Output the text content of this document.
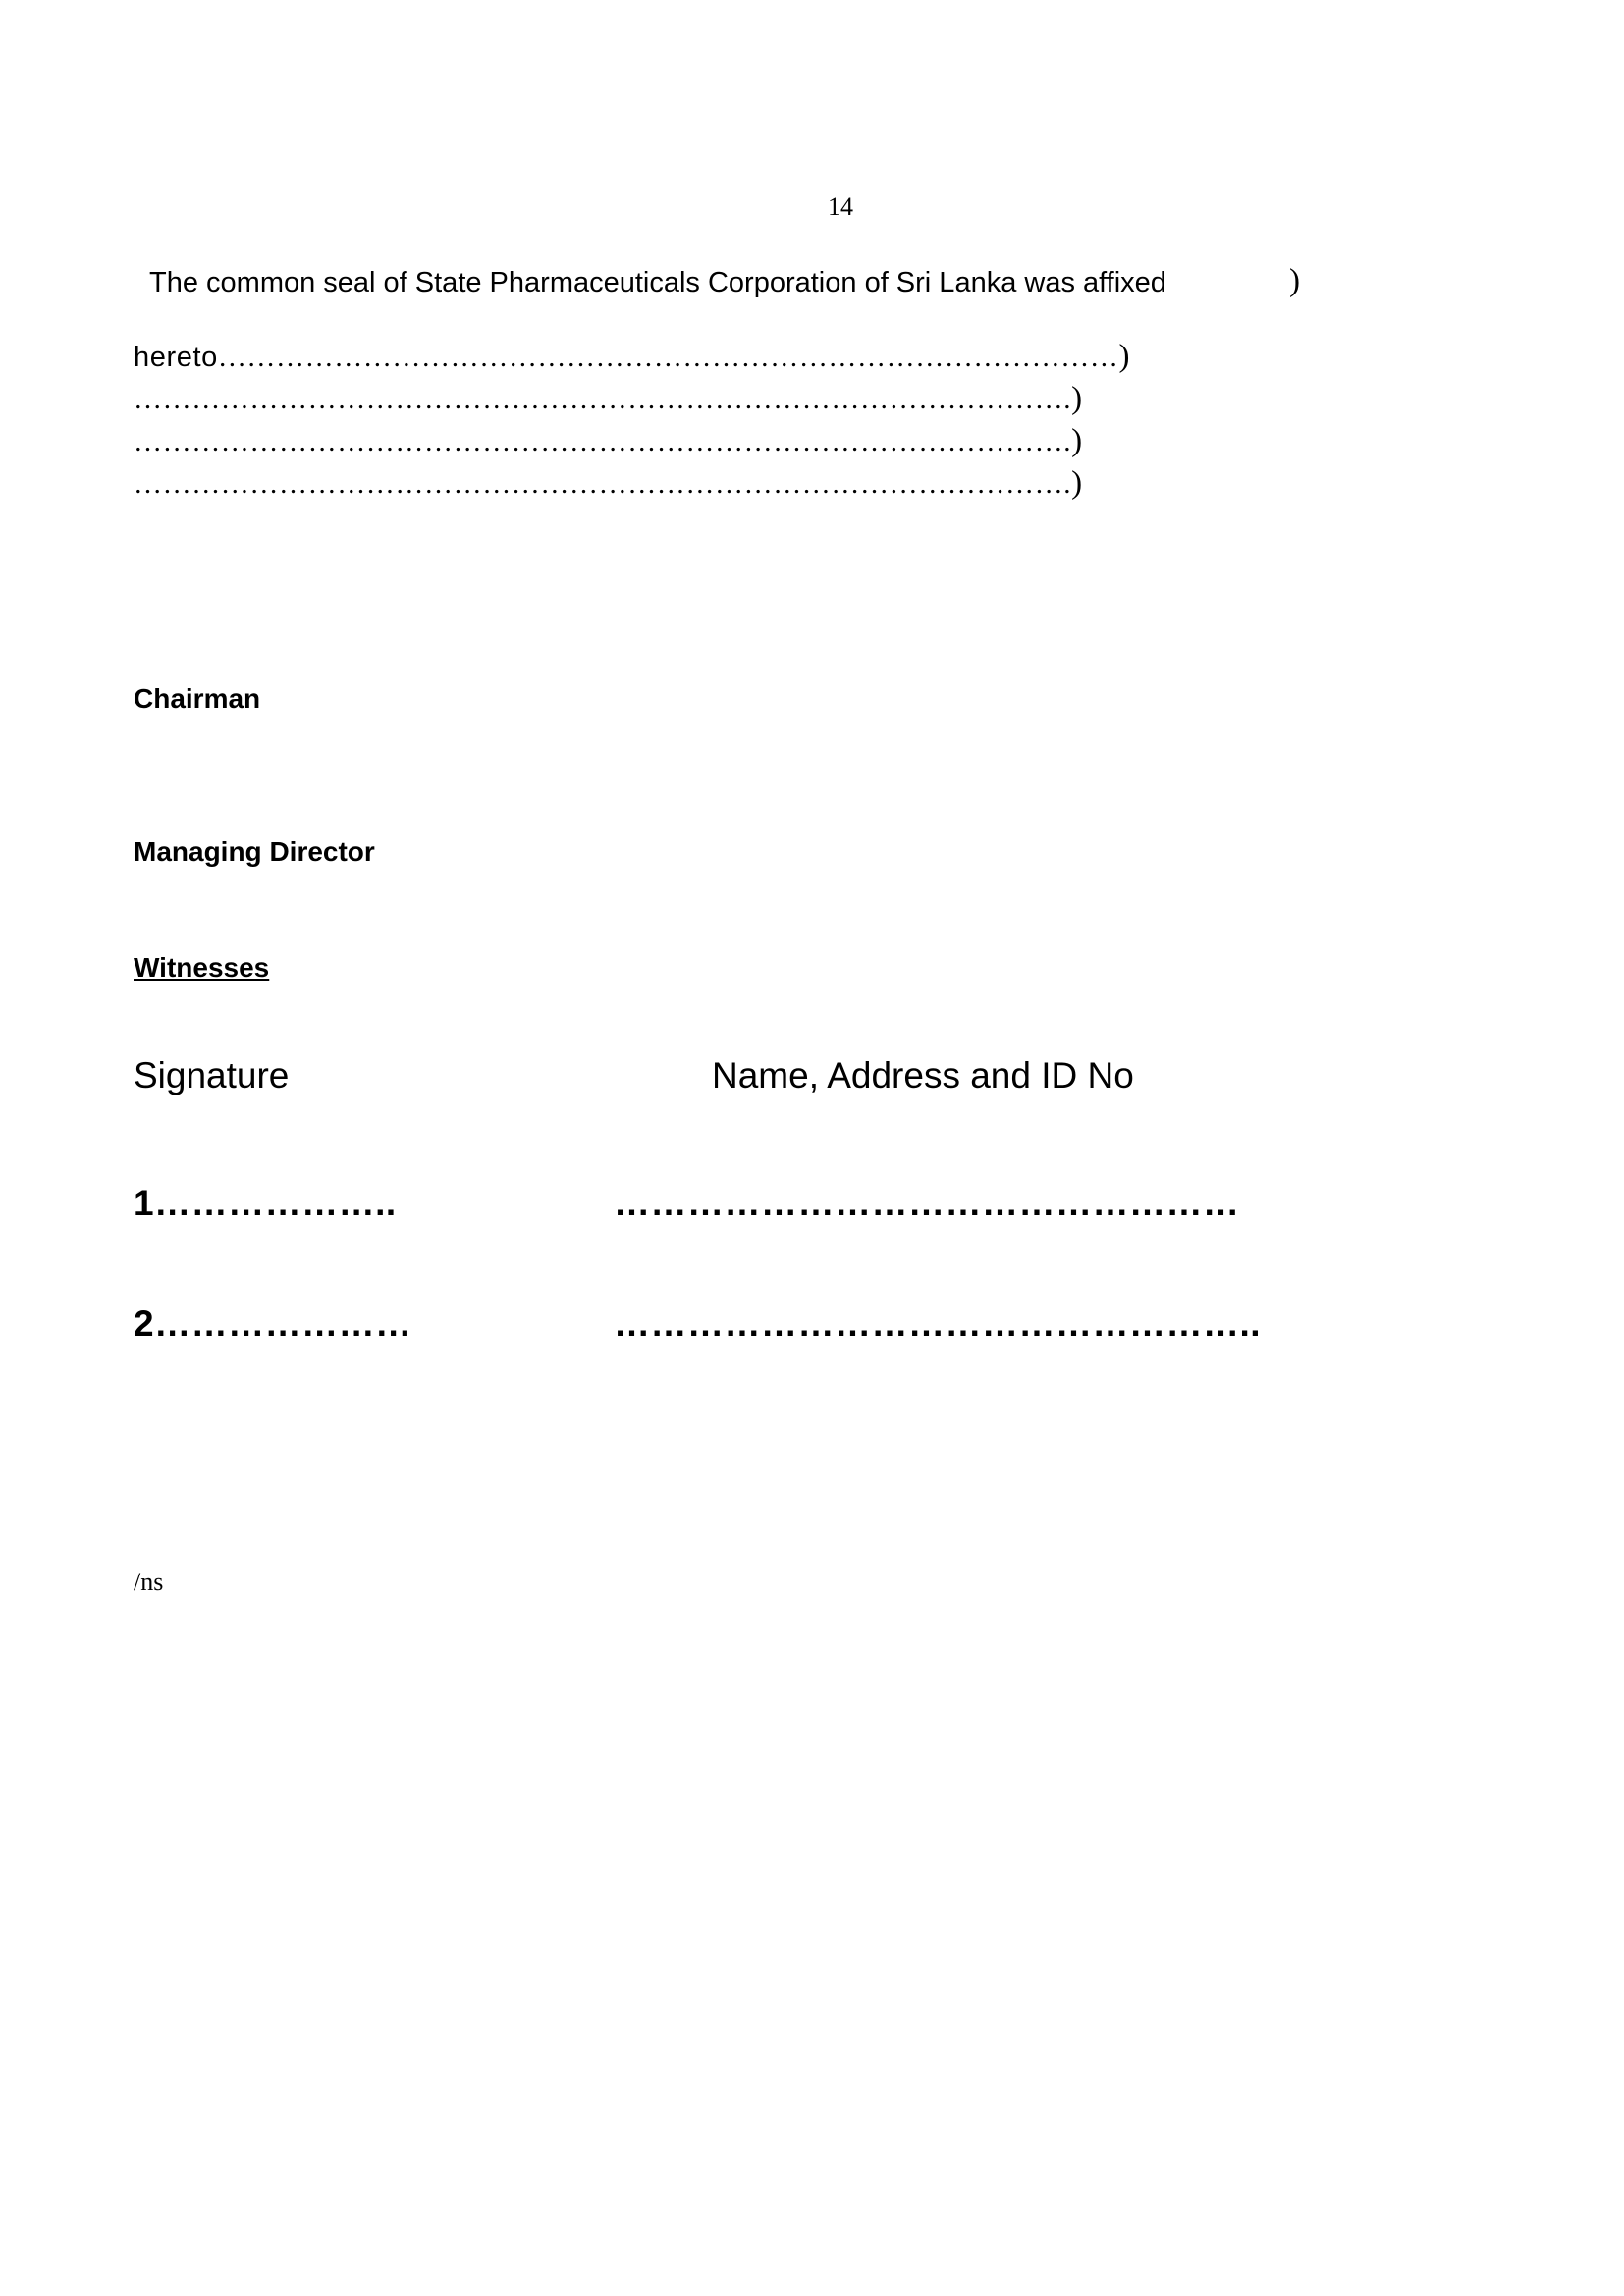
14
The common seal of State Pharmaceuticals Corporation of Sri Lanka was affixed	)
hereto…………………………………………………………………………………)
…………………………………………………………………………………….)
…………………………………………………………………………………….)
…………………………………………………………………………………….)
Chairman
Managing Director
Witnesses
Signature	Name, Address and ID No
1………………..	……………………………………………
2…………………	……………………………………………..
/ns
